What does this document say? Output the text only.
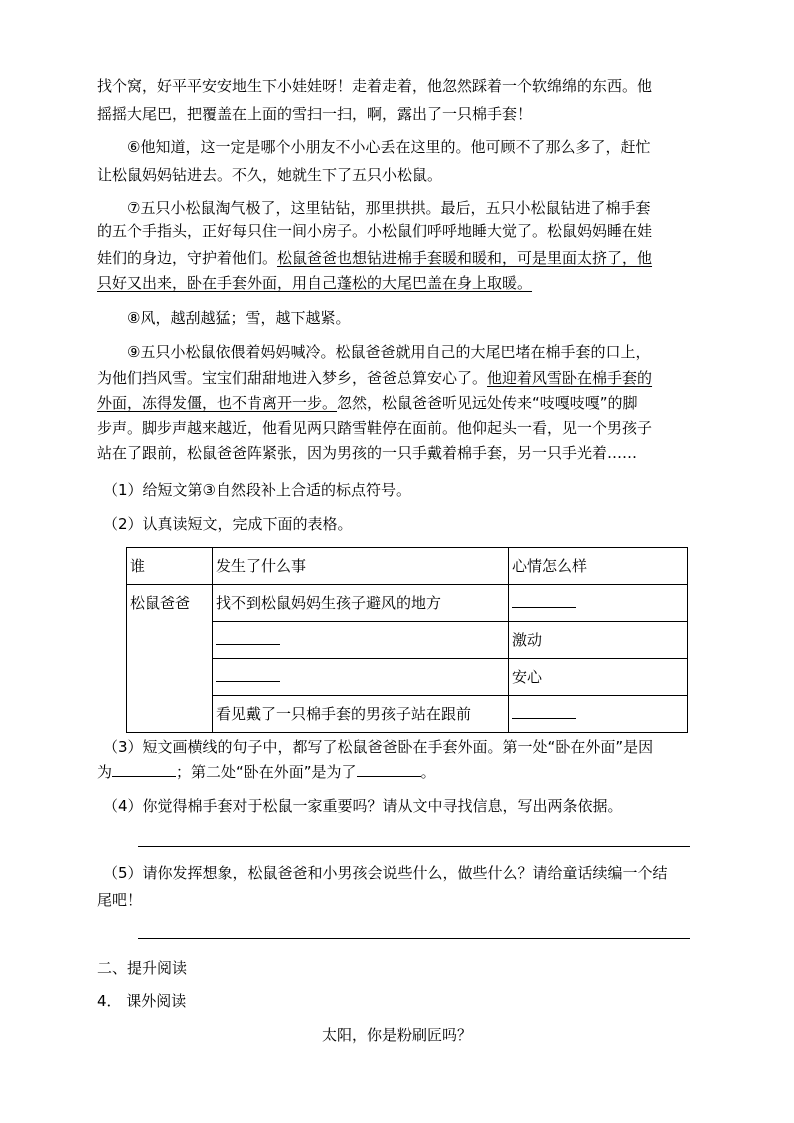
找个窝，好平平安安地生下小娃娃呀！走着走着，他忽然踩着一个软绵绵的东西。他
摇摇大尾巴，把覆盖在上面的雪扫一扫，啊，露出了一只棉手套！
⑥他知道，这一定是哪个小朋友不小心丢在这里的。他可顾不了那么多了，赶忙
让松鼠妈妈钻进去。不久，她就生下了五只小松鼠。
⑦五只小松鼠淘气极了，这里钻钻，那里拱拱。最后，五只小松鼠钻进了棉手套
的五个手指头，正好每只住一间小房子。小松鼠们呼呼地睡大觉了。松鼠妈妈睡在娃
娃们的身边，守护着他们。松鼠爸爸也想钻进棉手套暖和暖和，可是里面太挤了，他
只好又出来，卧在手套外面，用自己蓬松的大尾巴盖在身上取暖。
⑧风，越刮越猛；雪，越下越紧。
⑨五只小松鼠依偎着妈妈喊冷。松鼠爸爸就用自己的大尾巴堵在棉手套的口上，
为他们挡风雪。宝宝们甜甜地进入梦乡，爸爸总算安心了。他迎着风雪卧在棉手套的
外面，冻得发僵，也不肯离开一步。忽然，松鼠爸爸听见远处传来“吱嘎吱嘎”的脚
步声。脚步声越来越近，他看见两只踏雪鞋停在面前。他仰起头一看，见一个男孩子
站在了跟前，松鼠爸爸阵紧张，因为男孩的一只手戴着棉手套，另一只手光着……
（1）给短文第③自然段补上合适的标点符号。
（2）认真读短文，完成下面的表格。
谁	发生了什么事	心情怎么样
松鼠爸爸	找不到松鼠妈妈生孩子避风的地方	
		激动
		安心
	看见戴了一只棉手套的男孩子站在跟前	
（3）短文画横线的句子中，都写了松鼠爸爸卧在手套外面。第一处“卧在外面”是因
为	；第二处“卧在外面”是为了	。
（4）你觉得棉手套对于松鼠一家重要吗？请从文中寻找信息，写出两条依据。
（5）请你发挥想象，松鼠爸爸和小男孩会说些什么，做些什么？请给童话续编一个结
尾吧！
二、提升阅读
4． 课外阅读
太阳，你是粉刷匠吗？
